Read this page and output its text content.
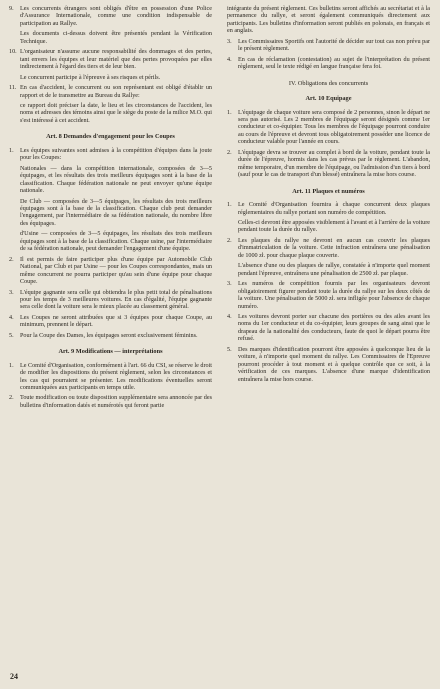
9. Les concurrents étrangers sont obligés d'être en possession d'une Police d'Assurance Internationale, comme une condition indispensable de participation au Rallye.
Les documents ci-dessus doivent être présentés pendant la Vérification Technique.
10. L'organisateur n'assume aucune responsabilité des dommages et des pertes, tant envers les équipes et leur matériel que des pertes provoquées par elles indirectement à l'égard des tiers et de leur bien.
Le concurrent participe à l'épreuve à ses risques et périls.
11. En cas d'accident, le concurrent ou son représentant est obligé d'établir un rapport et de le transmettre au Bureau du Rallye:
ce rapport doit préciser la date, le lieu et les circonstances de l'accident, les noms et adresses des témoins ainsi que le siège du poste de la milice M.O. qui s'est intéressé à cet accident.
Art. 8 Demandes d'engagement pour les Coupes
1. Les équipes suivantes sont admises à la compétition d'équipes dans la joute pour les Coupes:
Nationales — dans la compétition internationale, composées de 3—5 équipages, et les résultats des trois meilleurs équipages sont à la base de la classification. Chaque fédération nationale ne peut envoyer qu'une équipe nationale.
De Club — composées de 3—5 équipages, les résultats des trois meilleurs équipages sont à la base de la classification. Chaque club peut demander l'engagement, par l'intermédiaire de sa fédération nationale, du nombre libre des équipages.
d'Usine — composées de 3—5 équipages, les résultats des trois meilleurs équipages sont à la base de la classification. Chaque usine, par l'intermédiaire de sa fédération nationale, peut demander l'engagement d'une équipe.
2. Il est permis de faire participer plus d'une équipe par Automobile Club National, par Club et par Usine — pour les Coupes correspondantes, mais un même concurrent ne pourra participer qu'au sein d'une équipe pour chaque Coupe.
3. L'équipe gagnante sera celle qui obtiendra le plus petit total de pénalisations pour les temps de 3 meilleures voitures. En cas d'égalité, l'équipe gagnante sera celle dont la voiture sera le mieux placée au classement général.
4. Les Coupes ne seront attribuées que si 3 équipes pour chaque Coupe, au minimum, prennent le départ.
5. Pour la Coupe des Dames, les équipages seront exclusivement féminins.
Art. 9 Modifications — interprétations
1. Le Comité d'Organisation, conformément à l'art. 66 du CSI, se réserve le droit de modifier les dispositions du présent règlement, selon les circonstances et les cas qui pourraient se présenter. Les modifications éventuelles seront communiquées aux participants en temps utile.
2. Toute modification ou toute disposition supplémentaire sera annoncée par des bulletins d'information datés et numérotés qui feront partie
intégrante du présent règlement. Ces bulletins seront affichés au secrétariat et à la permanence du rallye, et seront également communiqués directement aux participants. Les bulletins d'information seront publiés en polonais, en français et en anglais.
3. Les Commissaires Sportifs ont l'autorité de décider sur tout cas non prévu par le présent règlement.
4. En cas de réclamation (contestation) au sujet de l'interprétation du présent règlement, seul le texte rédigé en langue française fera foi.
IV. Obligations des concurrents
Art. 10 Equipage
1. L'équipage de chaque voiture sera composé de 2 personnes, sinon le départ ne sera pas autorisé. Les 2 membres de l'équipage seront désignés comme 1er conducteur et co-équipier. Tous les membres de l'équipage pourront conduire au cours de l'épreuve et devront tous obligatoirement posséder une licence de conducteur valable pour l'année en cours.
2. L'équipage devra se trouver au complet à bord de la voiture, pendant toute la durée de l'épreuve, hormis dans les cas prévus par le règlement. L'abandon, même temporaire, d'un membre de l'équipage, ou l'admission d'un tiers à bord (sauf pour le cas de transport d'un blessé) entraînera la mise hors course.
Art. 11 Plaques et numéros
1. Le Comité d'Organisation fournira à chaque concurrent deux plaques réglementaires du rallye portant son numéro de compétition.
Celles-ci devront être apposées visiblement à l'avant et à l'arrière de la voiture pendant toute la durée du rallye.
2. Les plaques du rallye ne devront en aucun cas couvrir les plaques d'immatriculation de la voiture. Cette infraction entraînera une pénalisation de 1000 zł. pour chaque plaque couverte.
L'absence d'une ou des plaques de rallye, constatée à n'importe quel moment pendant l'épreuve, entraînera une pénalisation de 2500 zł. par plaque.
3. Les numéros de compétition fournis par les organisateurs devront obligatoirement figurer pendant toute la durée du rallye sur les deux côtés de la voiture. Une pénalisation de 5000 zł. sera infligée pour l'absence de chaque numéro.
4. Les voitures devront porter sur chacune des portières ou des ailes avant les noms du 1er conducteur et du co-équipier, leurs groupes de sang ainsi que le drapeau de la nationalité des conducteurs, faute de quoi le départ pourra être refusé.
5. Des marques d'identification pourront être apposées à quelconque lieu de la voiture, à n'importe quel moment du rallye. Les Commissaires de l'Epreuve pourront procéder à tout moment et à quelque contrôle que ce soit, à la vérification de ces marques. L'absence d'une marque d'identification entraînera la mise hors course.
24
